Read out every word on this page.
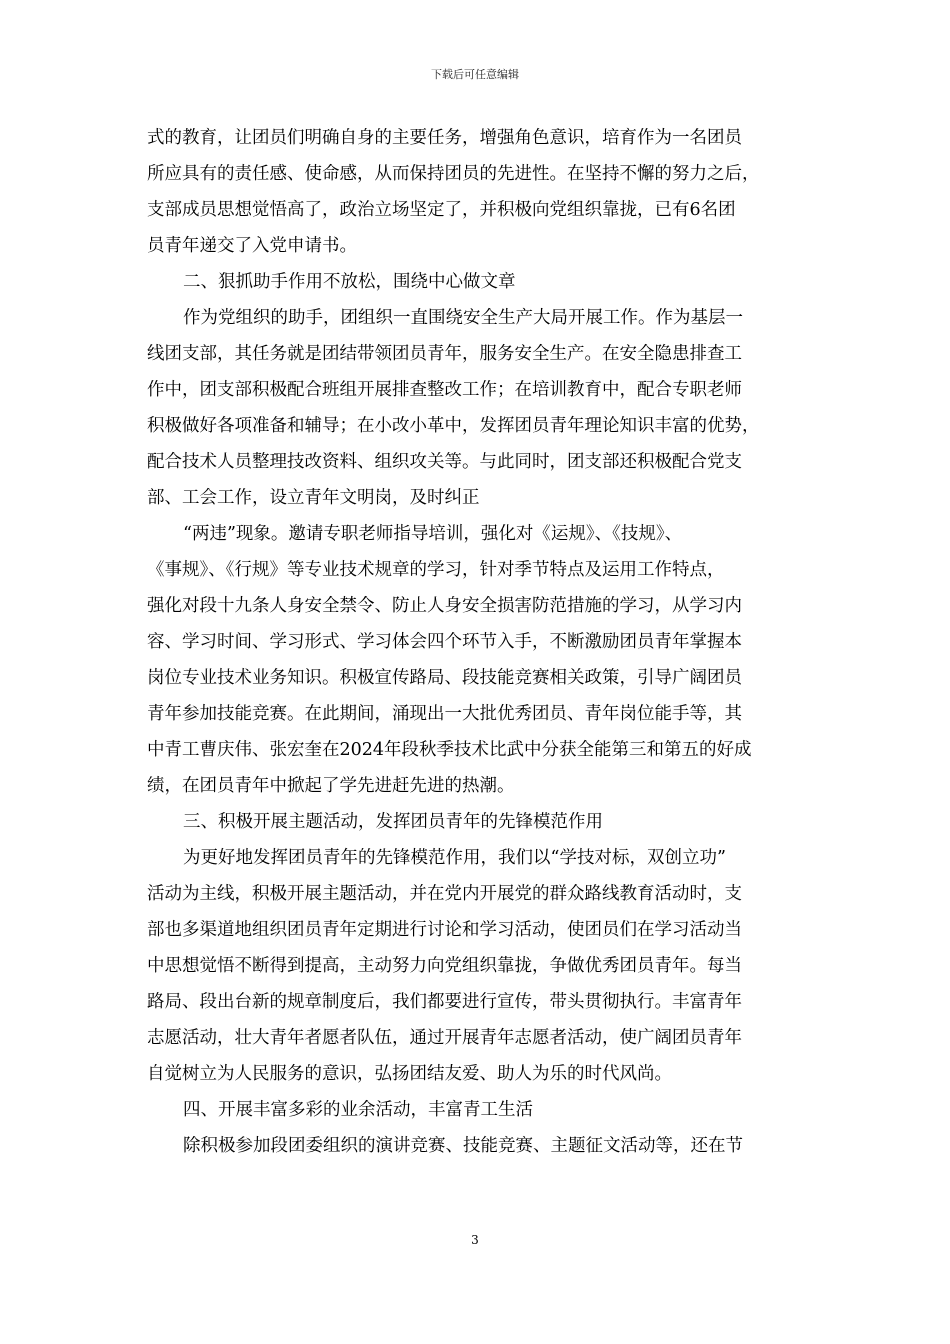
下载后可任意编辑

式的教育，让团员们明确自身的主要任务，增强角色意识，培育作为一名团员

所应具有的责任感、使命感，从而保持团员的先进性。在坚持不懈的努力之后，

支部成员思想觉悟高了，政治立场坚定了，并积极向党组织靠拢，已有6名团

员青年递交了入党申请书。

二、狠抓助手作用不放松，围绕中心做文章

作为党组织的助手，团组织一直围绕安全生产大局开展工作。作为基层一

线团支部，其任务就是团结带领团员青年，服务安全生产。在安全隐患排查工

作中，团支部积极配合班组开展排查整改工作；在培训教育中，配合专职老师

积极做好各项准备和辅导；在小改小革中，发挥团员青年理论知识丰富的优势，

配合技术人员整理技改资料、组织攻关等。与此同时，团支部还积极配合党支

部、工会工作，设立青年文明岗，及时纠正

“两违”现象。邀请专职老师指导培训，强化对《运规》、《技规》、

《事规》、《行规》等专业技术规章的学习，针对季节特点及运用工作特点，

强化对段十九条人身安全禁令、防止人身安全损害防范措施的学习，从学习内

容、学习时间、学习形式、学习体会四个环节入手，不断激励团员青年掌握本

岗位专业技术业务知识。积极宣传路局、段技能竞赛相关政策，引导广阔团员

青年参加技能竞赛。在此期间，涌现出一大批优秀团员、青年岗位能手等，其

中青工曹庆伟、张宏奎在2024年段秋季技术比武中分获全能第三和第五的好成

绩，在团员青年中掀起了学先进赶先进的热潮。

三、积极开展主题活动，发挥团员青年的先锋模范作用

为更好地发挥团员青年的先锋模范作用，我们以“学技对标，双创立功”

活动为主线，积极开展主题活动，并在党内开展党的群众路线教育活动时，支

部也多渠道地组织团员青年定期进行讨论和学习活动，使团员们在学习活动当

中思想觉悟不断得到提高，主动努力向党组织靠拢，争做优秀团员青年。每当

路局、段出台新的规章制度后，我们都要进行宣传，带头贯彻执行。丰富青年

志愿活动，壮大青年者愿者队伍，通过开展青年志愿者活动，使广阔团员青年

自觉树立为人民服务的意识，弘扬团结友爱、助人为乐的时代风尚。

四、开展丰富多彩的业余活动，丰富青工生活

除积极参加段团委组织的演讲竞赛、技能竞赛、主题征文活动等，还在节

3
